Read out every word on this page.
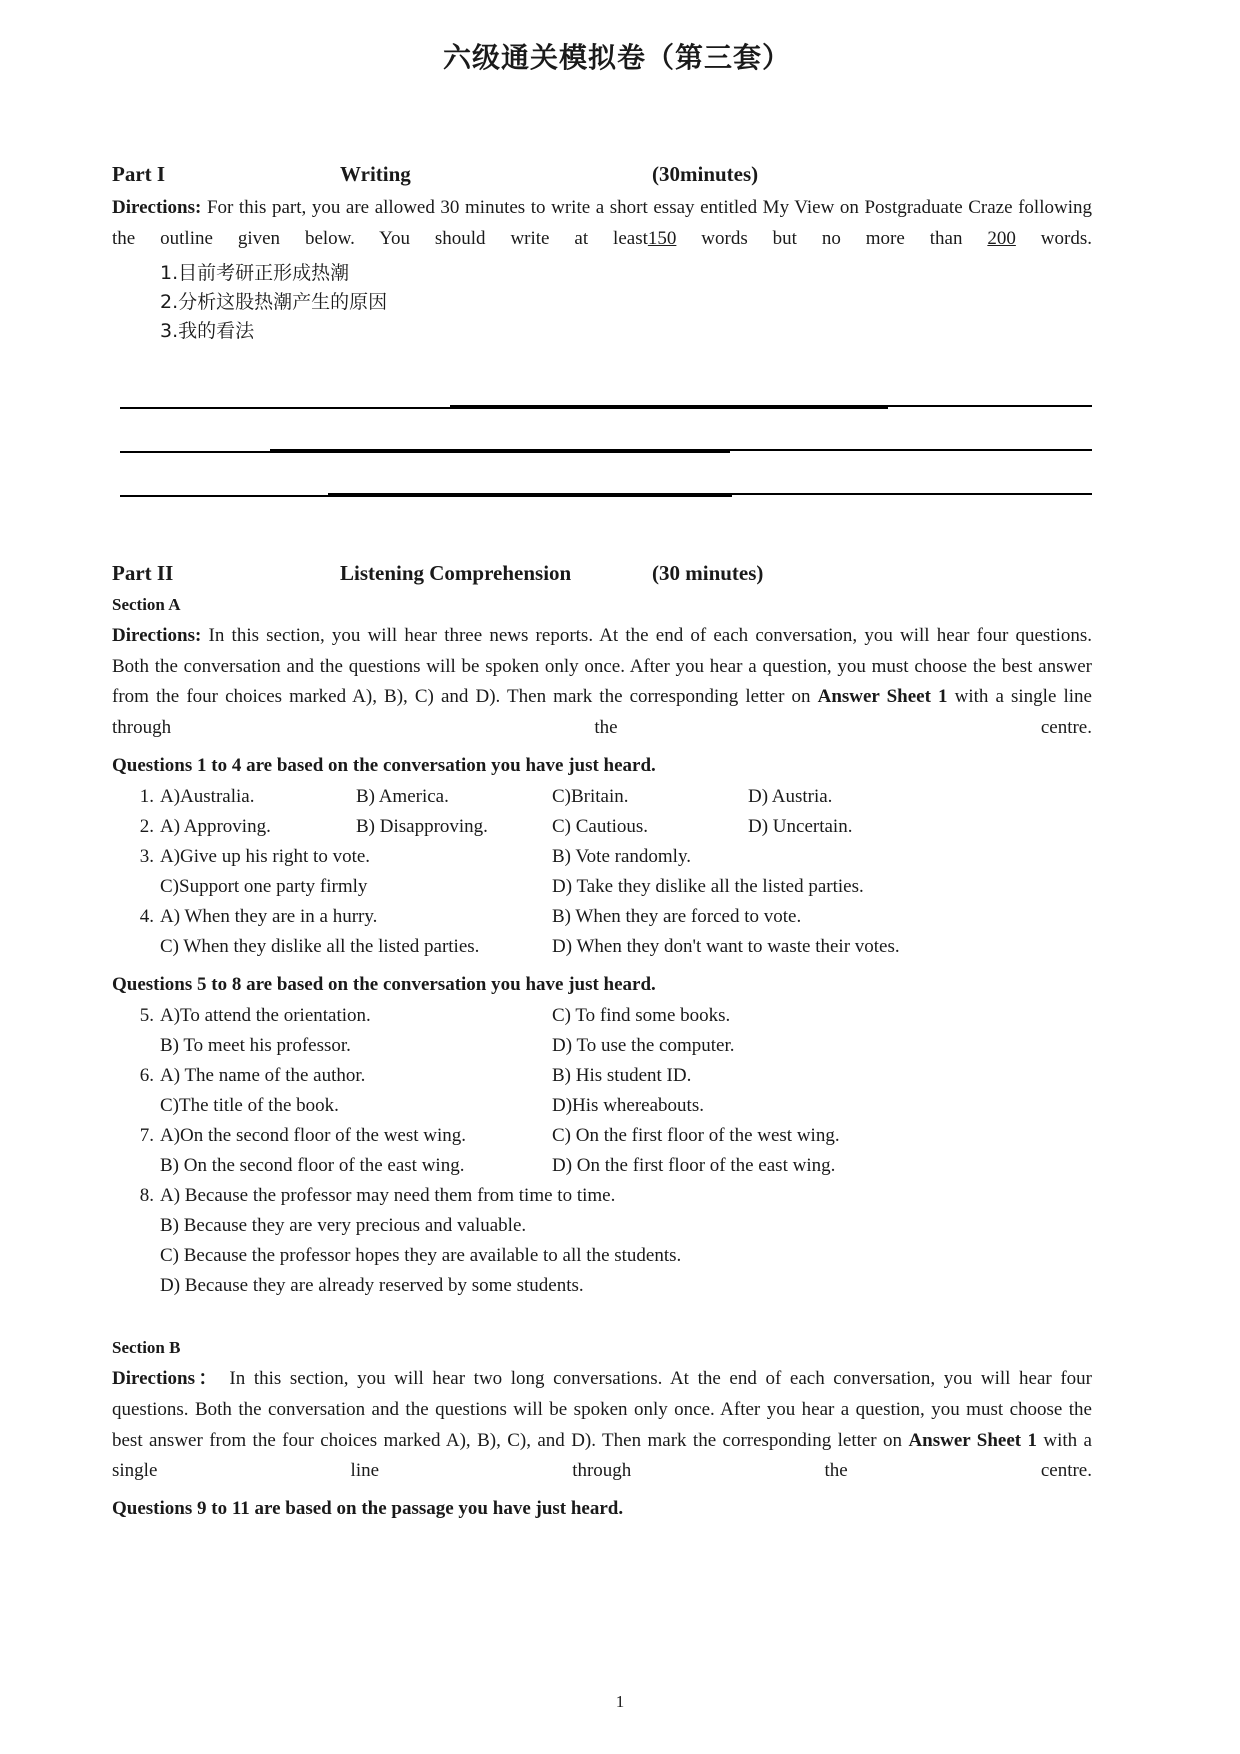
六级通关模拟卷（第三套）
Part I	Writing	(30minutes)

Directions: For this part, you are allowed 30 minutes to write a short essay entitled My View on Postgraduate Craze following the outline given below. You should write at least150 words but no more than 200 words.

1.目前考研正形成热潮
2.分析这股热潮产生的原因
3.我的看法
Part II	Listening Comprehension	(30 minutes)
Section A

Directions: In this section, you will hear three news reports. At the end of each conversation, you will hear four questions. Both the conversation and the questions will be spoken only once. After you hear a question, you must choose the best answer from the four choices marked A), B), C) and D). Then mark the corresponding letter on Answer Sheet 1 with a single line through the centre.

Questions 1 to 4 are based on the conversation you have just heard.
1. A)Australia.	B) America.	C)Britain.	D) Austria.
2. A) Approving.	B) Disapproving.	C) Cautious.	D) Uncertain.
3. A)Give up his right to vote.	B) Vote randomly.
C)Support one party firmly	D) Take they dislike all the listed parties.
4. A) When they are in a hurry.	B) When they are forced to vote.
C) When they dislike all the listed parties.	D) When they don't want to waste their votes.
Questions 5 to 8 are based on the conversation you have just heard.
5. A)To attend the orientation.	C) To find some books.
B) To meet his professor.	D) To use the computer.
6. A) The name of the author.	B) His student ID.
C)The title of the book.	D)His whereabouts.
7. A)On the second floor of the west wing.	C) On the first floor of the west wing.
B) On the second floor of the east wing.	D) On the first floor of the east wing.
8. A) Because the professor may need them from time to time.
B) Because they are very precious and valuable.
C) Because the professor hopes they are available to all the students.
D) Because they are already reserved by some students.
Section B

Directions： In this section, you will hear two long conversations. At the end of each conversation, you will hear four questions. Both the conversation and the questions will be spoken only once. After you hear a question, you must choose the best answer from the four choices marked A), B), C), and D). Then mark the corresponding letter on Answer Sheet 1 with a single line through the centre.

Questions 9 to 11 are based on the passage you have just heard.
1
